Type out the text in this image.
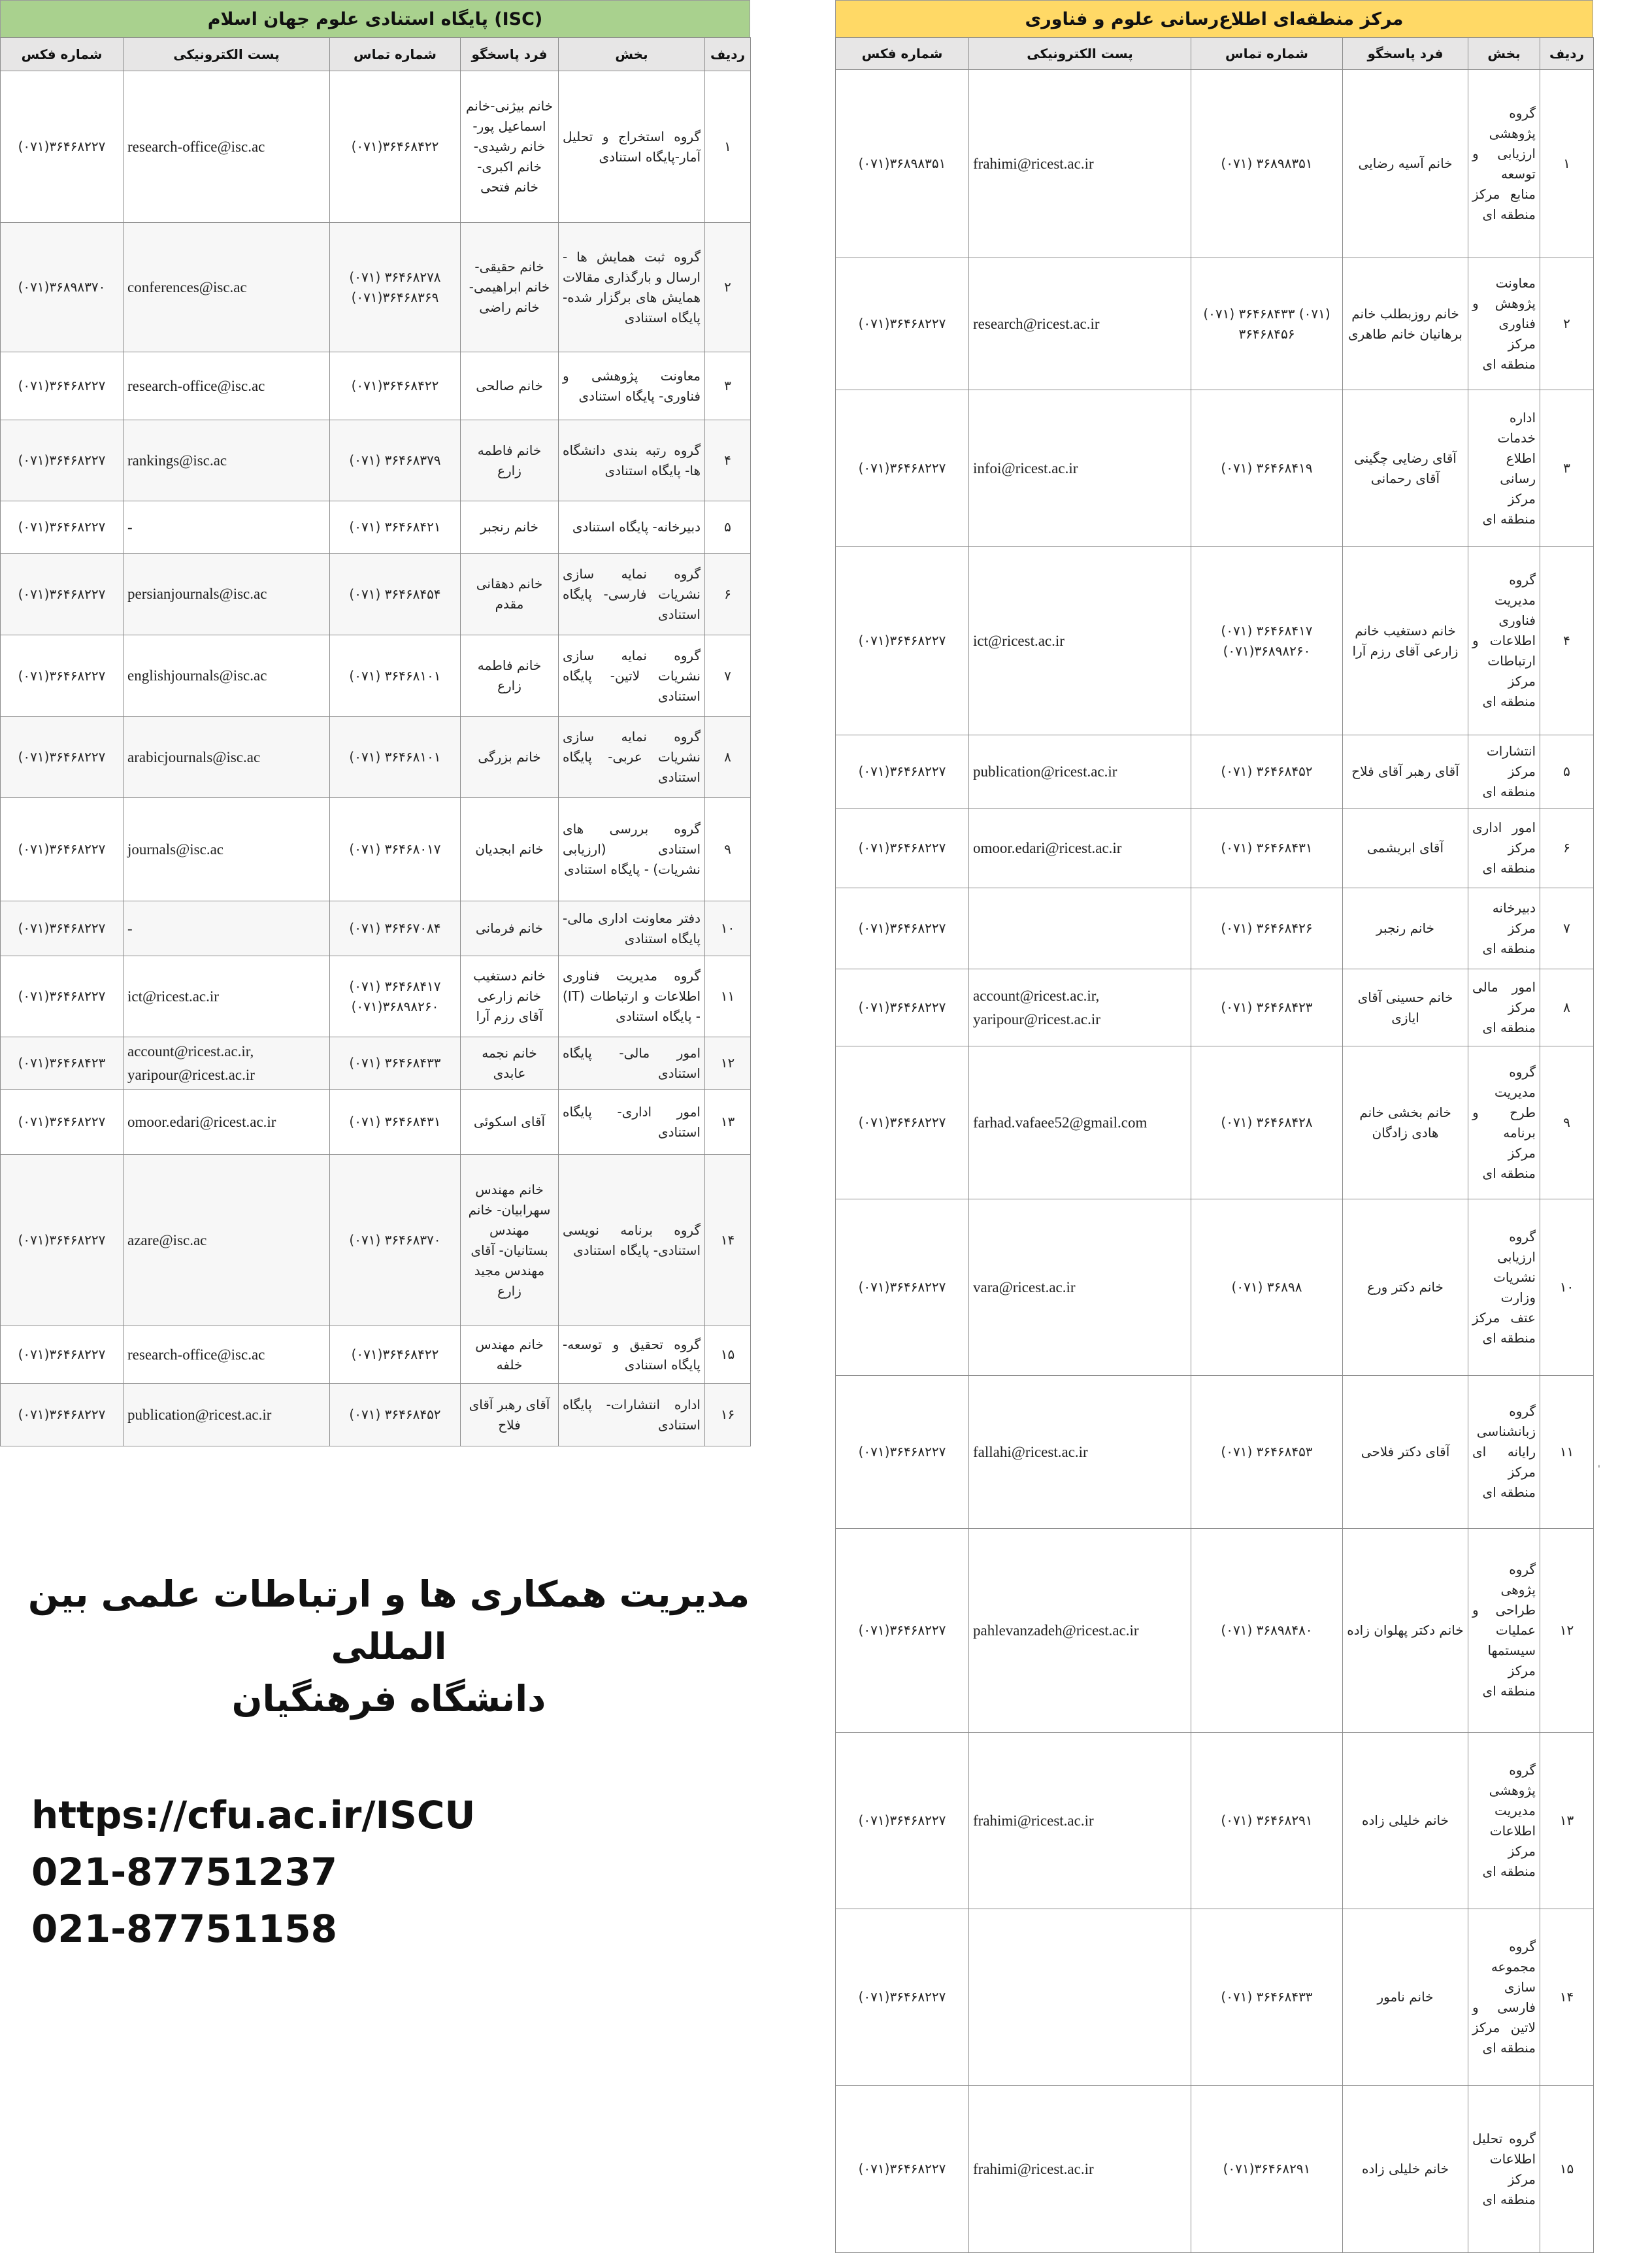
پایگاه استنادی علوم جهان اسلام (ISC)
ردیف	بخش	فرد پاسخگو	شماره تماس	پست الکترونیکی	شماره فکس
۱	گروه استخراج و تحلیل آمار-پایگاه استنادی	خانم بیژنی-خانم اسماعیل پور-خانم رشیدی-خانم اکبری- خانم فتحی	(۰۷۱)۳۶۴۶۸۴۲۲	research-office@isc.ac	(۰۷۱)۳۶۴۶۸۲۲۷
۲	گروه ثبت همایش ها - ارسال و بارگذاری مقالات همایش های برگزار شده- پایگاه استنادی	خانم حقیقی- خانم ابراهیمی- خانم راضی	(۰۷۱) ۳۶۴۶۸۲۷۸ (۰۷۱)۳۶۴۶۸۳۶۹	conferences@isc.ac	(۰۷۱)۳۶۸۹۸۳۷۰
۳	معاونت پژوهشی و فناوری- پایگاه استنادی	خانم صالحی	(۰۷۱)۳۶۴۶۸۴۲۲	research-office@isc.ac	(۰۷۱)۳۶۴۶۸۲۲۷
۴	گروه رتبه بندی دانشگاه ها- پایگاه استنادی	خانم فاطمه زارع	(۰۷۱) ۳۶۴۶۸۳۷۹	rankings@isc.ac	(۰۷۱)۳۶۴۶۸۲۲۷
۵	دبیرخانه- پایگاه استنادی	خانم رنجبر	(۰۷۱) ۳۶۴۶۸۴۲۱	-	(۰۷۱)۳۶۴۶۸۲۲۷
۶	گروه نمایه سازی نشریات فارسی- پایگاه استنادی	خانم دهقانی مقدم	(۰۷۱) ۳۶۴۶۸۴۵۴	persianjournals@isc.ac	(۰۷۱)۳۶۴۶۸۲۲۷
۷	گروه نمایه سازی نشریات لاتین- پایگاه استنادی	خانم فاطمه زارع	(۰۷۱) ۳۶۴۶۸۱۰۱	englishjournals@isc.ac	(۰۷۱)۳۶۴۶۸۲۲۷
۸	گروه نمایه سازی نشریات عربی- پایگاه استنادی	خانم بزرگی	(۰۷۱) ۳۶۴۶۸۱۰۱	arabicjournals@isc.ac	(۰۷۱)۳۶۴۶۸۲۲۷
۹	گروه بررسی های استنادی (ارزیابی نشریات) - پایگاه استنادی	خانم ابجدیان	(۰۷۱) ۳۶۴۶۸۰۱۷	journals@isc.ac	(۰۷۱)۳۶۴۶۸۲۲۷
۱۰	دفتر معاونت اداری مالی- پایگاه استنادی	خانم فرمانی	(۰۷۱) ۳۶۴۶۷۰۸۴	-	(۰۷۱)۳۶۴۶۸۲۲۷
۱۱	گروه مدیریت فناوری اطلاعات و ارتباطات (IT) - پایگاه استنادی	خانم دستغیب خانم زارعی آقای رزم آرا	(۰۷۱) ۳۶۴۶۸۴۱۷ (۰۷۱)۳۶۸۹۸۲۶۰	ict@ricest.ac.ir	(۰۷۱)۳۶۴۶۸۲۲۷
۱۲	امور مالی- پایگاه استنادی	خانم نجمه عابدی	(۰۷۱) ۳۶۴۶۸۴۳۳	account@ricest.ac.ir, yaripour@ricest.ac.ir	(۰۷۱)۳۶۴۶۸۴۲۳
۱۳	امور اداری- پایگاه استنادی	آقای اسکوئی	(۰۷۱) ۳۶۴۶۸۴۳۱	omoor.edari@ricest.ac.ir	(۰۷۱)۳۶۴۶۸۲۲۷
۱۴	گروه برنامه نویسی استنادی- پایگاه استنادی	خانم مهندس سهرابیان- خانم مهندس بستانیان- آقای مهندس مجید زارع	(۰۷۱) ۳۶۴۶۸۳۷۰	azare@isc.ac	(۰۷۱)۳۶۴۶۸۲۲۷
۱۵	گروه تحقیق و توسعه- پایگاه استنادی	خانم مهندس خلفه	(۰۷۱)۳۶۴۶۸۴۲۲	research-office@isc.ac	(۰۷۱)۳۶۴۶۸۲۲۷
۱۶	اداره انتشارات- پایگاه استنادی	آقای رهبر آقای فلاح	(۰۷۱) ۳۶۴۶۸۴۵۲	publication@ricest.ac.ir	(۰۷۱)۳۶۴۶۸۲۲۷
مرکز منطقه‌ای اطلاع‌رسانی علوم و فناوری
ردیف	بخش	فرد پاسخگو	شماره تماس	پست الکترونیکی	شماره فکس
۱	گروه پژوهشی ارزیابی و توسعه منابع مرکز منطقه ای	خانم آسیه رضایی	(۰۷۱) ۳۶۸۹۸۳۵۱	frahimi@ricest.ac.ir	(۰۷۱)۳۶۸۹۸۳۵۱
۲	معاونت پژوهش و فناوری مرکز منطقه ای	خانم روزبطلب خانم برهانیان خانم طاهری	(۰۷۱) ۳۶۴۶۸۴۳۳ (۰۷۱) ۳۶۴۶۸۴۵۶	research@ricest.ac.ir	(۰۷۱)۳۶۴۶۸۲۲۷
۳	اداره خدمات اطلاع رسانی مرکز منطقه ای	آقای رضایی چگینی آقای رحمانی	(۰۷۱) ۳۶۴۶۸۴۱۹	infoi@ricest.ac.ir	(۰۷۱)۳۶۴۶۸۲۲۷
۴	گروه مدیریت فناوری اطلاعات و ارتباطات مرکز منطقه ای	خانم دستغیب خانم زارعی آقای رزم آرا	(۰۷۱) ۳۶۴۶۸۴۱۷ (۰۷۱)۳۶۸۹۸۲۶۰	ict@ricest.ac.ir	(۰۷۱)۳۶۴۶۸۲۲۷
۵	انتشارات مرکز منطقه ای	آقای رهبر آقای فلاح	(۰۷۱) ۳۶۴۶۸۴۵۲	publication@ricest.ac.ir	(۰۷۱)۳۶۴۶۸۲۲۷
۶	امور اداری مرکز منطقه ای	آقای ابریشمی	(۰۷۱) ۳۶۴۶۸۴۳۱	omoor.edari@ricest.ac.ir	(۰۷۱)۳۶۴۶۸۲۲۷
۷	دبیرخانه مرکز منطقه ای	خانم رنجبر	(۰۷۱) ۳۶۴۶۸۴۲۶		(۰۷۱)۳۶۴۶۸۲۲۷
۸	امور مالی مرکز منطقه ای	خانم حسینی آقای ایازی	(۰۷۱) ۳۶۴۶۸۴۲۳	account@ricest.ac.ir, yaripour@ricest.ac.ir	(۰۷۱)۳۶۴۶۸۲۲۷
۹	گروه مدیریت طرح و برنامه مرکز منطقه ای	خانم بخشی خانم هادی زادگان	(۰۷۱) ۳۶۴۶۸۴۲۸	farhad.vafaee52@gmail.com	(۰۷۱)۳۶۴۶۸۲۲۷
۱۰	گروه ارزیابی نشریات وزارت عتف مرکز منطقه ای	خانم دکتر ورع	(۰۷۱) ۳۶۸۹۸	vara@ricest.ac.ir	(۰۷۱)۳۶۴۶۸۲۲۷
۱۱	گروه زبانشناسی رایانه ای مرکز منطقه ای	آقای دکتر فلاحی	(۰۷۱) ۳۶۴۶۸۴۵۳	fallahi@ricest.ac.ir	(۰۷۱)۳۶۴۶۸۲۲۷
۱۲	گروه پژوهی طراحی و عملیات سیستمها مرکز منطقه ای	خانم دکتر پهلوان زاده	(۰۷۱) ۳۶۸۹۸۴۸۰	pahlevanzadeh@ricest.ac.ir	(۰۷۱)۳۶۴۶۸۲۲۷
۱۳	گروه پژوهشی مدیریت اطلاعات مرکز منطقه ای	خانم خلیلی زاده	(۰۷۱) ۳۶۴۶۸۲۹۱	frahimi@ricest.ac.ir	(۰۷۱)۳۶۴۶۸۲۲۷
۱۴	گروه مجموعه سازی فارسی و لاتین مرکز منطقه ای	خانم نامور	(۰۷۱) ۳۶۴۶۸۴۳۳		(۰۷۱)۳۶۴۶۸۲۲۷
۱۵	گروه تحلیل اطلاعات مرکز منطقه ای	خانم خلیلی زاده	(۰۷۱)۳۶۴۶۸۲۹۱	frahimi@ricest.ac.ir	(۰۷۱)۳۶۴۶۸۲۲۷
مدیریت همکاری ها و ارتباطات علمی بین المللی
دانشگاه فرهنگیان
https://cfu.ac.ir/ISCU
021-87751237
021-87751158
'
